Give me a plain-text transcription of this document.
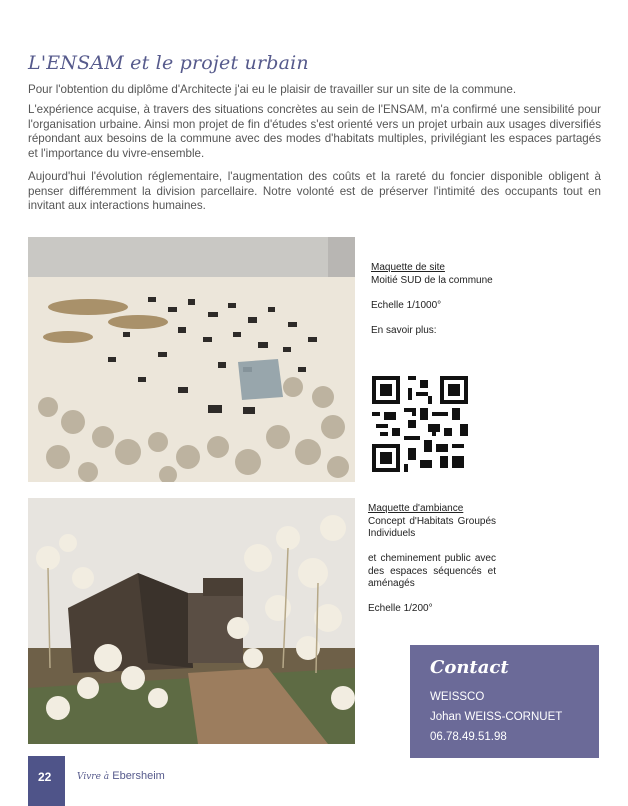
L'ENSAM et le projet urbain
Pour l'obtention du diplôme d'Architecte j'ai eu le plaisir de travailler sur un site de la commune.
L'expérience acquise, à travers des situations concrètes au sein de l'ENSAM, m'a confirmé une sensibilité pour l'organisation urbaine. Ainsi mon projet de fin d'études s'est orienté vers un projet urbain aux usages diversifiés répondant aux besoins de la commune avec des modes d'habitats multiples, privilégiant les espaces partagés et l'importance du vivre-ensemble.
Aujourd'hui l'évolution réglementaire, l'augmentation des coûts et la rareté du foncier disponible obligent à penser différemment la division parcellaire. Notre volonté est de préserver l'intimité des occupants tout en invitant aux interactions humaines.
Maquette de site
Moitié SUD de la commune

Echelle 1/1000°

En savoir plus:
Maquette d'ambiance
Concept d'Habitats Groupés Individuels

et cheminement public avec des espaces séquencés et aménagés

Echelle 1/200°
Contact
WEISSCO
Johan WEISS-CORNUET
06.78.49.51.98
22	Vivre à Ebersheim
